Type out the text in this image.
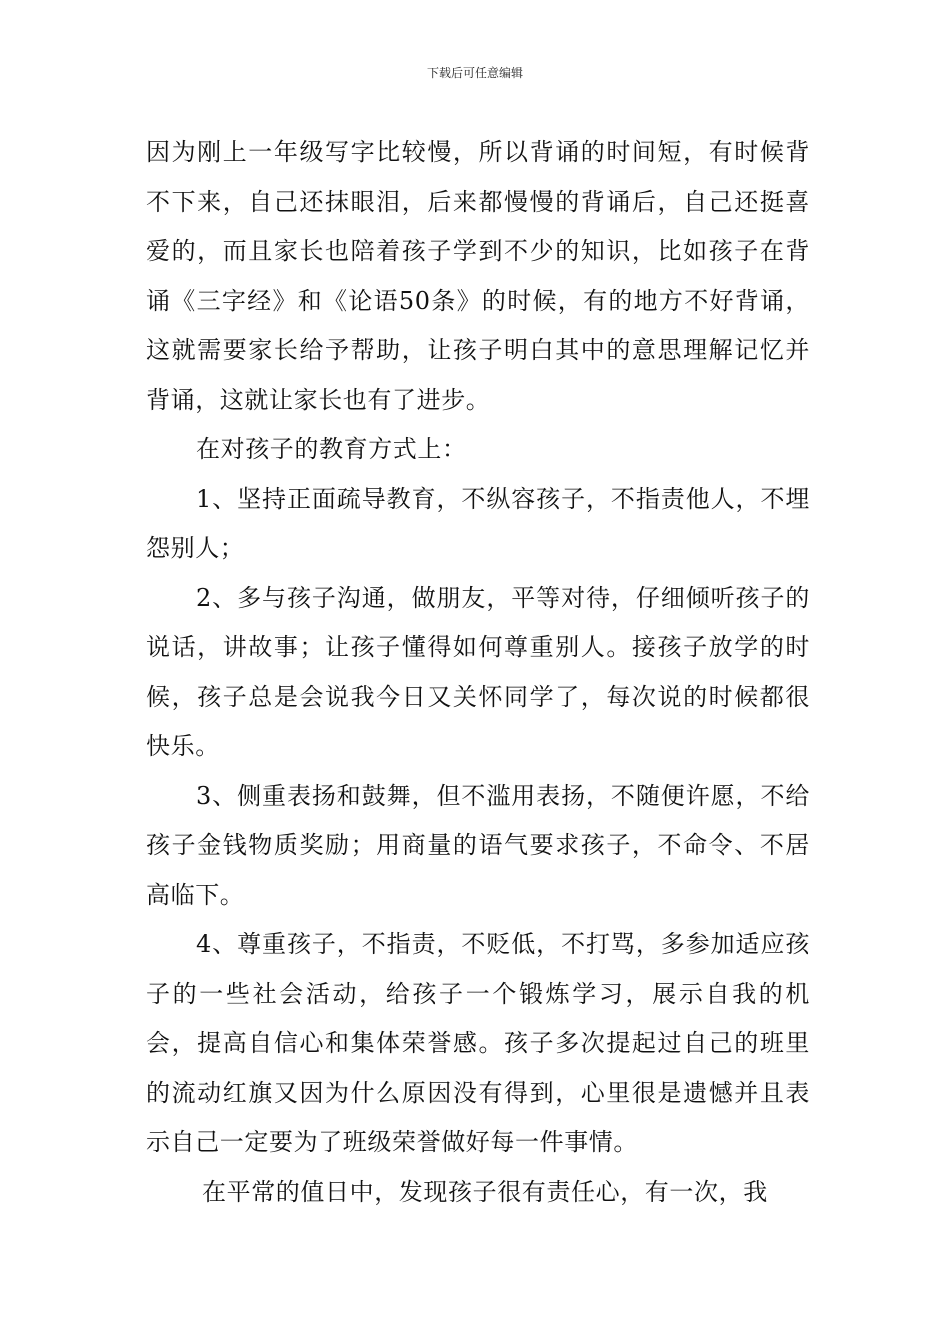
下载后可任意编辑

因为刚上一年级写字比较慢，所以背诵的时间短，有时候背不下来，自己还抹眼泪，后来都慢慢的背诵后，自己还挺喜爱的，而且家长也陪着孩子学到不少的知识，比如孩子在背诵《三字经》和《论语50条》的时候，有的地方不好背诵，这就需要家长给予帮助，让孩子明白其中的意思理解记忆并背诵，这就让家长也有了进步。

在对孩子的教育方式上：

1、坚持正面疏导教育，不纵容孩子，不指责他人，不埋怨别人；

2、多与孩子沟通，做朋友，平等对待，仔细倾听孩子的说话，讲故事；让孩子懂得如何尊重别人。接孩子放学的时候，孩子总是会说我今日又关怀同学了，每次说的时候都很快乐。

3、侧重表扬和鼓舞，但不滥用表扬，不随便许愿，不给孩子金钱物质奖励；用商量的语气要求孩子，不命令、不居高临下。

4、尊重孩子，不指责，不贬低，不打骂，多参加适应孩子的一些社会活动，给孩子一个锻炼学习，展示自我的机会，提高自信心和集体荣誉感。孩子多次提起过自己的班里的流动红旗又因为什么原因没有得到，心里很是遗憾并且表示自己一定要为了班级荣誉做好每一件事情。

在平常的值日中，发现孩子很有责任心，有一次，我
